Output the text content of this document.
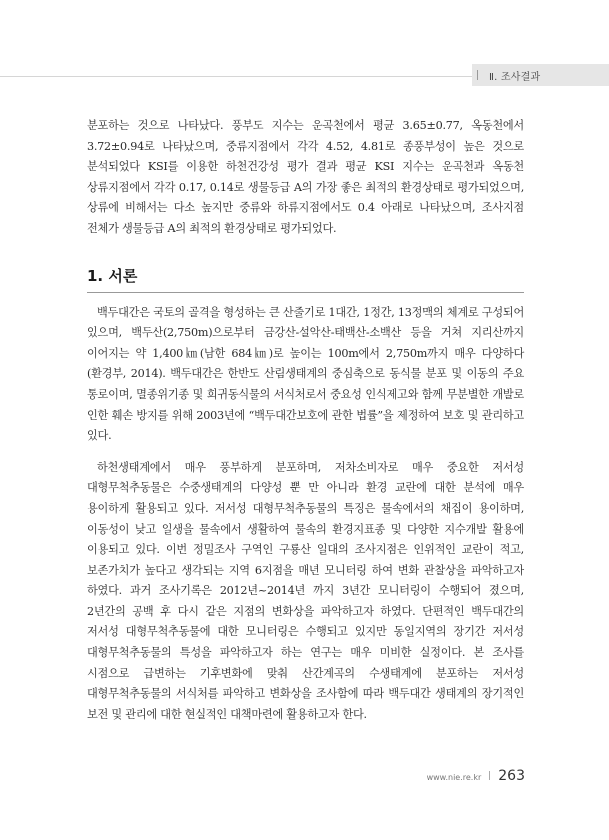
Ⅱ. 조사결과

분포하는 것으로 나타났다. 풍부도 지수는 운곡천에서 평균 3.65±0.77, 옥동천에서 3.72±0.94로 나타났으며, 중류지점에서 각각 4.52, 4.81로 종풍부성이 높은 것으로 분석되었다 KSI를 이용한 하천건강성 평가 결과 평균 KSI 지수는 운곡천과 옥동천 상류지점에서 각각 0.17, 0.14로 생물등급 A의 가장 좋은 최적의 환경상태로 평가되었으며, 상류에 비해서는 다소 높지만 중류와 하류지점에서도 0.4 아래로 나타났으며, 조사지점 전체가 생물등급 A의 최적의 환경상태로 평가되었다.

1. 서론

백두대간은 국토의 골격을 형성하는 큰 산줄기로 1대간, 1정간, 13정맥의 체계로 구성되어 있으며, 백두산(2,750m)으로부터 금강산-설악산-태백산-소백산 등을 거쳐 지리산까지 이어지는 약 1,400㎞(남한 684㎞)로 높이는 100m에서 2,750m까지 매우 다양하다(환경부, 2014). 백두대간은 한반도 산림생태계의 중심축으로 동식물 분포 및 이동의 주요 통로이며, 멸종위기종 및 희귀동식물의 서식처로서 중요성 인식제고와 함께 무분별한 개발로 인한 훼손 방지를 위해 2003년에 “백두대간보호에 관한 법률”을 제정하여 보호 및 관리하고 있다.

하천생태계에서 매우 풍부하게 분포하며, 저차소비자로 매우 중요한 저서성 대형무척추동물은 수중생태계의 다양성 뿐 만 아니라 환경 교란에 대한 분석에 매우 용이하게 활용되고 있다. 저서성 대형무척추동물의 특징은 물속에서의 채집이 용이하며, 이동성이 낮고 일생을 물속에서 생활하여 물속의 환경지표종 및 다양한 지수개발 활용에 이용되고 있다. 이번 정밀조사 구역인 구룡산 일대의 조사지점은 인위적인 교란이 적고, 보존가치가 높다고 생각되는 지역 6지점을 매년 모니터링 하여 변화 관찰상을 파악하고자 하였다. 과거 조사기록은 2012년~2014년 까지 3년간 모니터링이 수행되어 졌으며, 2년간의 공백 후 다시 같은 지점의 변화상을 파악하고자 하였다. 단편적인 백두대간의 저서성 대형무척추동물에 대한 모니터링은 수행되고 있지만 동일지역의 장기간 저서성 대형무척추동물의 특성을 파악하고자 하는 연구는 매우 미비한 실정이다. 본 조사를 시점으로 급변하는 기후변화에 맞춰 산간계곡의 수생태계에 분포하는 저서성 대형무척추동물의 서식처를 파악하고 변화상을 조사함에 따라 백두대간 생태계의 장기적인 보전 및 관리에 대한 현실적인 대책마련에 활용하고자 한다.

www.nie.re.kr 263
